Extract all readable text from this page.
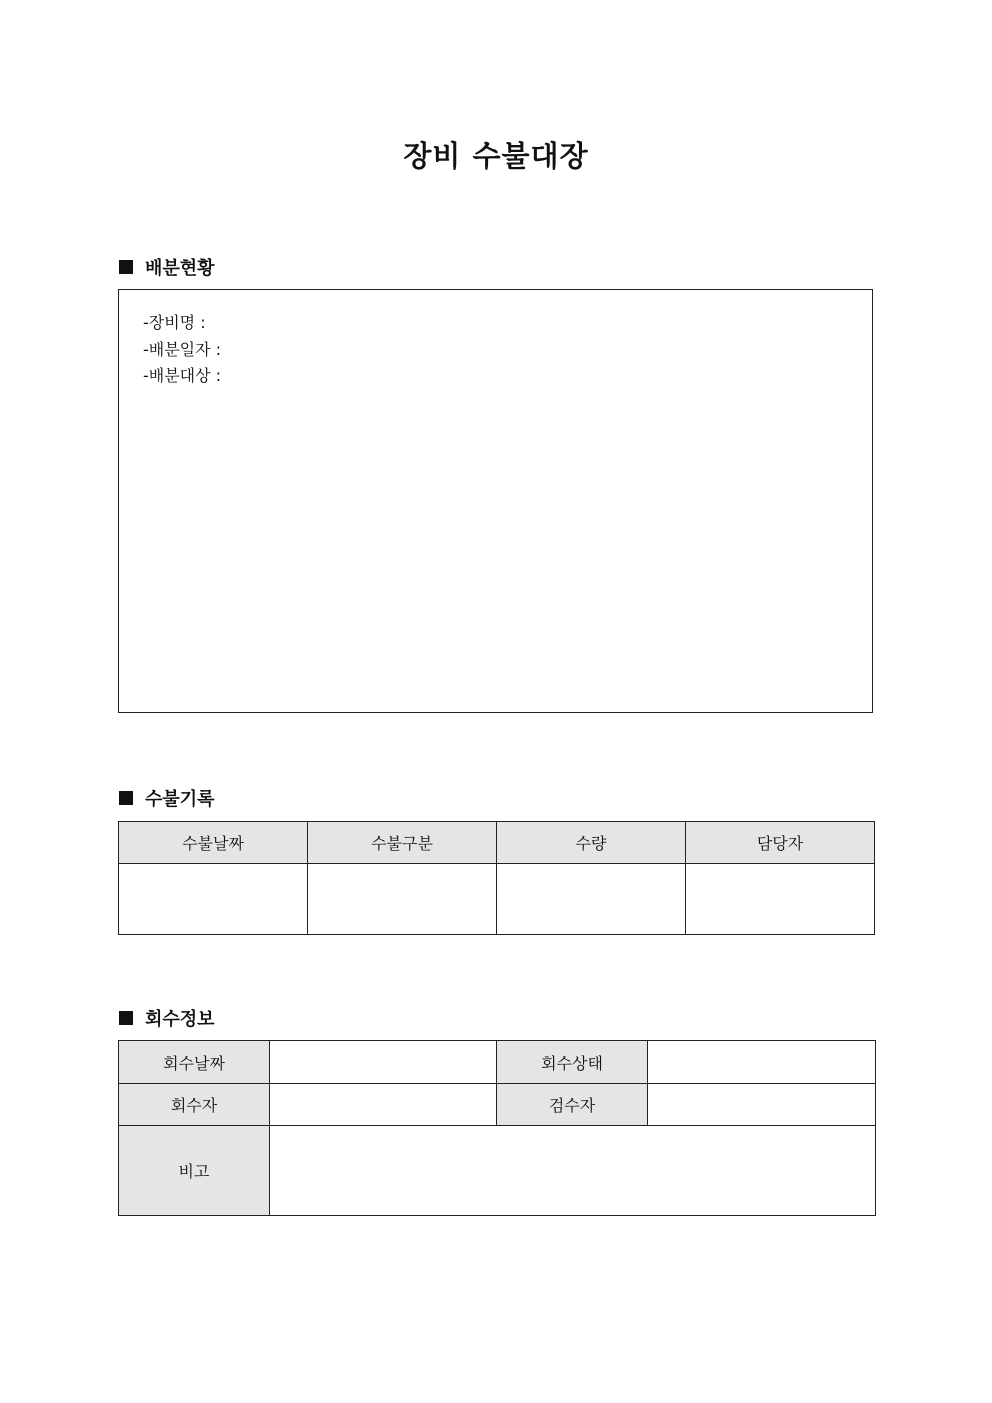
장비 수불대장
배분현황
-장비명 :
-배분일자 :
-배분대상 :
수불기록
수불날짜	수불구분	수량	담당자

회수정보
회수날짜		회수상태	
회수자		검수자	
비고			
